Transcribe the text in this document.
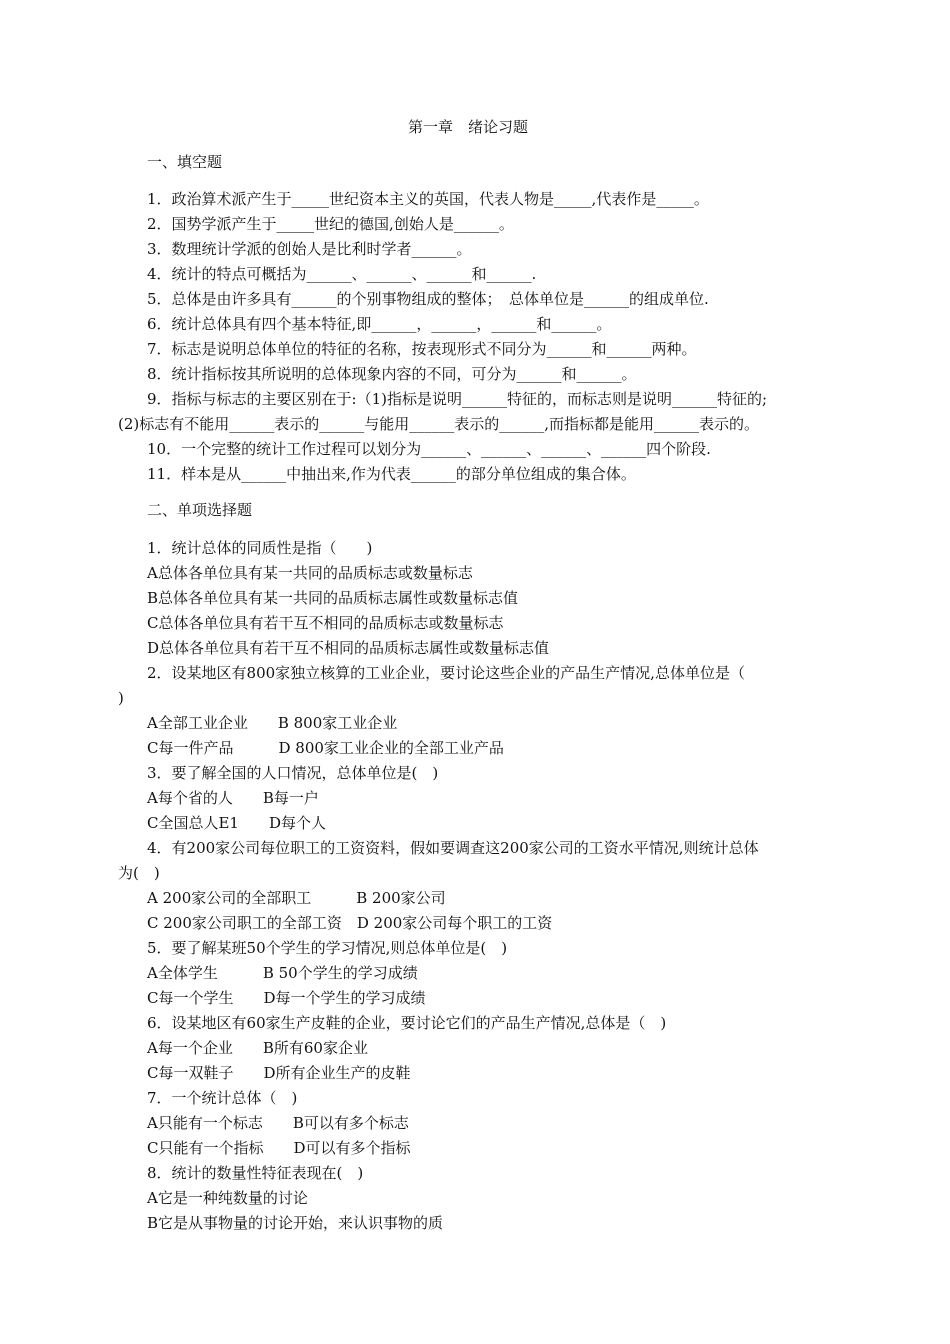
第一章　绪论习题
一、填空题
1．政治算术派产生于_____世纪资本主义的英国，代表人物是_____,代表作是_____。
2．国势学派产生于_____世纪的德国,创始人是______。
3．数理统计学派的创始人是比利时学者______。
4．统计的特点可概括为______、______、______和______.
5．总体是由许多具有______的个别事物组成的整体；　总体单位是______的组成单位.
6．统计总体具有四个基本特征,即______，______，______和______。
7．标志是说明总体单位的特征的名称，按表现形式不同分为______和______两种。
8．统计指标按其所说明的总体现象内容的不同，可分为______和______。
9．指标与标志的主要区别在于:（1)指标是说明______特征的，而标志则是说明______特征的;
(2)标志有不能用______表示的______与能用______表示的______,而指标都是能用______表示的。
10．一个完整的统计工作过程可以划分为______、______、______、______四个阶段.
11．样本是从______中抽出来,作为代表______的部分单位组成的集合体。
二、单项选择题
1．统计总体的同质性是指（　　)
A总体各单位具有某一共同的品质标志或数量标志
B总体各单位具有某一共同的品质标志属性或数量标志值
C总体各单位具有若干互不相同的品质标志或数量标志
D总体各单位具有若干互不相同的品质标志属性或数量标志值
2．设某地区有800家独立核算的工业企业，要讨论这些企业的产品生产情况,总体单位是（
)
A全部工业企业　　B 800家工业企业
C每一件产品　　　D 800家工业企业的全部工业产品
3．要了解全国的人口情况，总体单位是(　)
A每个省的人　　B每一户
C全国总人E1　　D每个人
4．有200家公司每位职工的工资资料，假如要调查这200家公司的工资水平情况,则统计总体
为(　)
A 200家公司的全部职工　　　B 200家公司
C 200家公司职工的全部工资　D 200家公司每个职工的工资
5．要了解某班50个学生的学习情况,则总体单位是(　)
A全体学生　　　B 50个学生的学习成绩
C每一个学生　　D每一个学生的学习成绩
6．设某地区有60家生产皮鞋的企业，要讨论它们的产品生产情况,总体是（　)
A每一个企业　　B所有60家企业
C每一双鞋子　　D所有企业生产的皮鞋
7．一个统计总体（　)
A只能有一个标志　　B可以有多个标志
C只能有一个指标　　D可以有多个指标
8．统计的数量性特征表现在(　)
A它是一种纯数量的讨论
B它是从事物量的讨论开始，来认识事物的质
